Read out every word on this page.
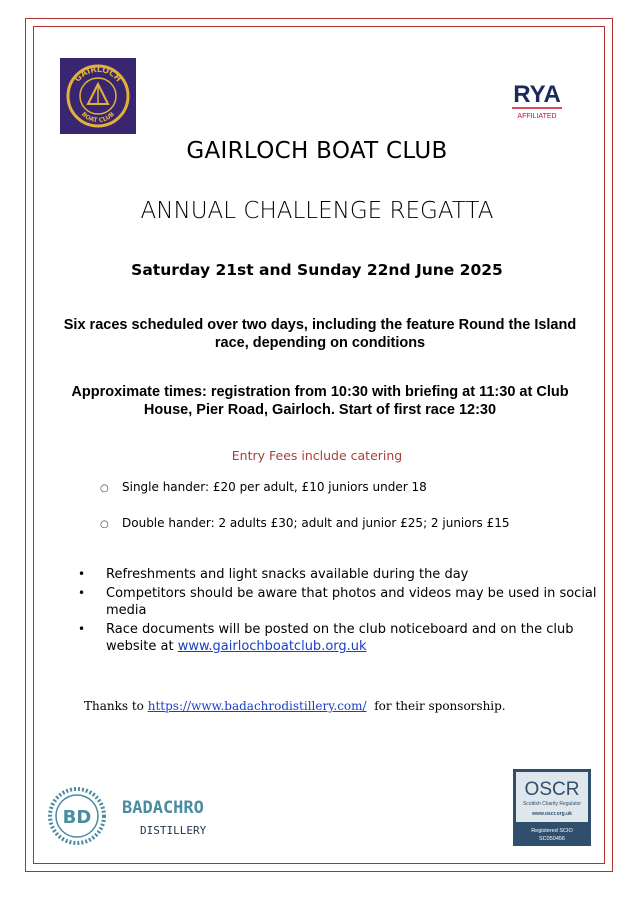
GAIRLOCH
BOAT CLUB
RYA
AFFILIATED
GAIRLOCH BOAT CLUB
ANNUAL CHALLENGE REGATTA
Saturday 21st and Sunday 22nd June 2025
Six races scheduled over two days, including the feature Round the Island race, depending on conditions
Approximate times: registration from 10:30 with briefing at 11:30 at Club House, Pier Road, Gairloch. Start of first race 12:30
Entry Fees include catering
○ Single hander: £20 per adult, £10 juniors under 18
○ Double hander: 2 adults £30; adult and junior £25; 2 juniors £15
•	Refreshments and light snacks available during the day
•	Competitors should be aware that photos and videos may be used in social media
•	Race documents will be posted on the club noticeboard and on the club website at www.gairlochboatclub.org.uk
Thanks to https://www.badachrodistillery.com/ for their sponsorship.
BD BADACHRO
DISTILLERY
OSCR
Scottish Charity Regulator
www.oscr.org.uk
Registered SCIO
SC050456
